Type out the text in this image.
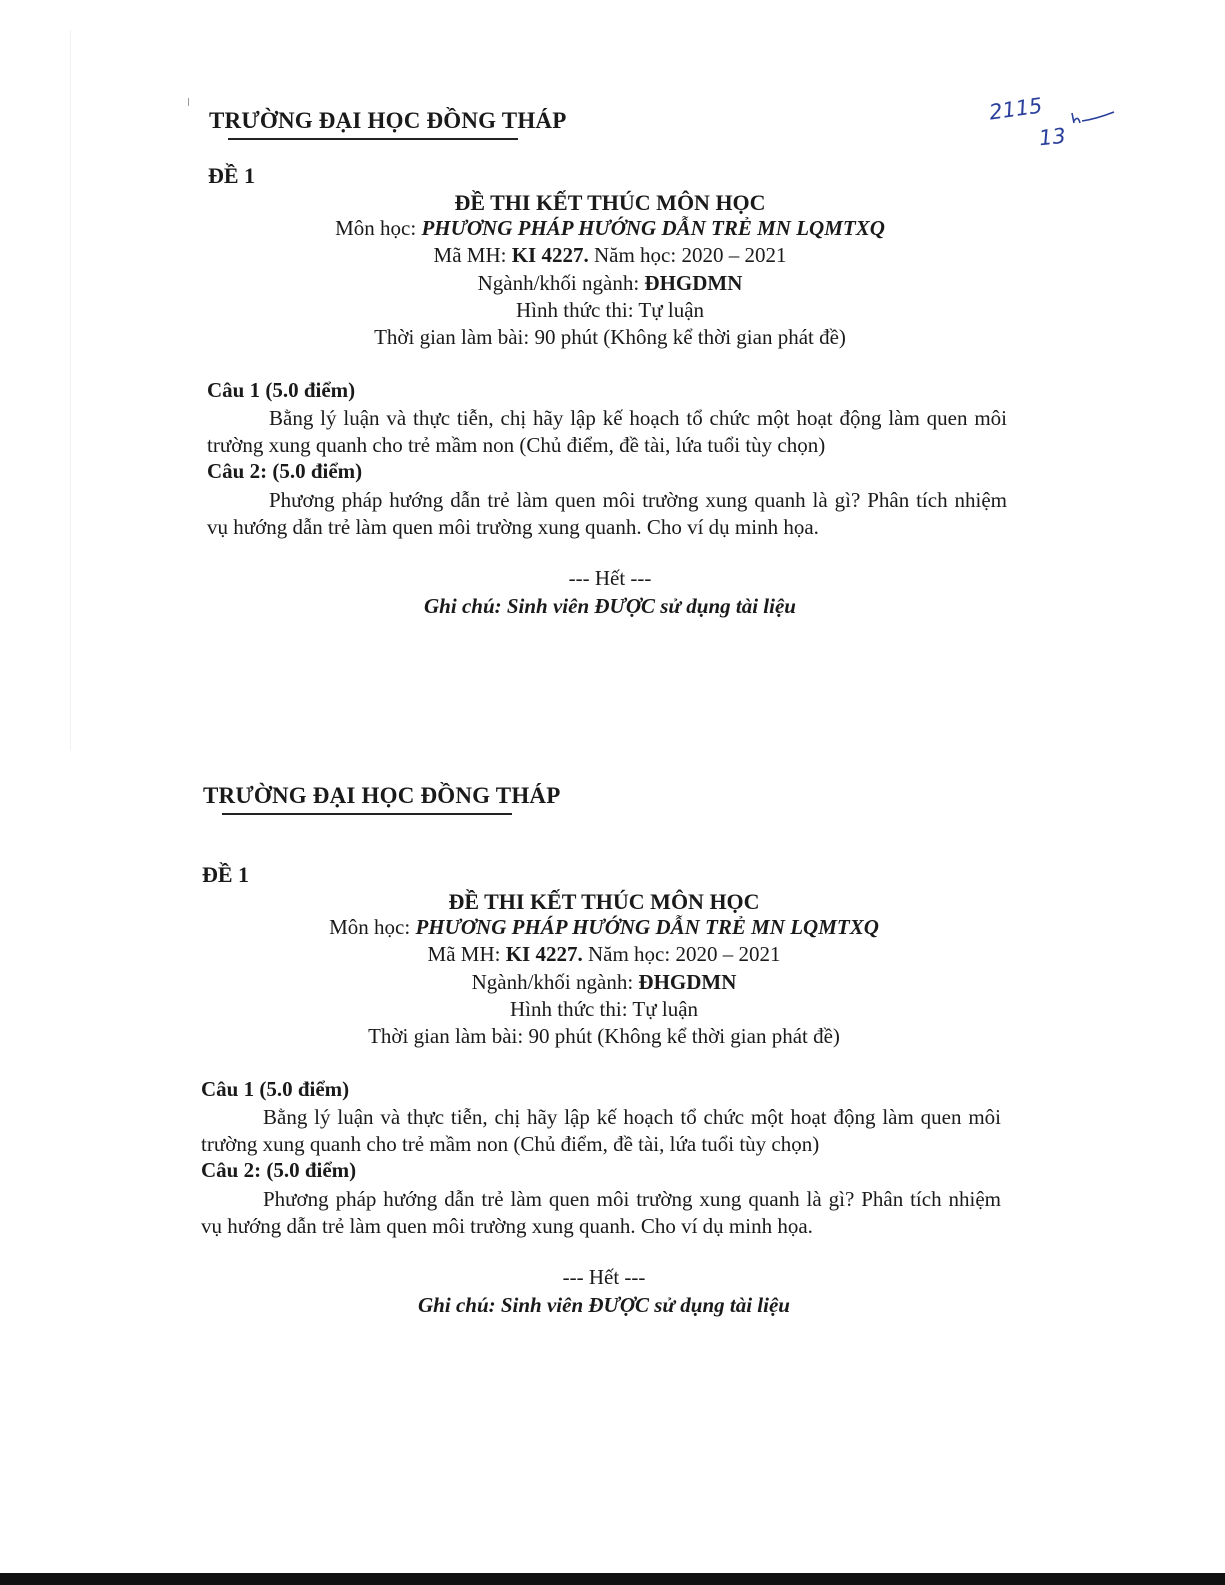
2115
13
TRƯỜNG ĐẠI HỌC ĐỒNG THÁP
ĐỀ 1
ĐỀ THI KẾT THÚC MÔN HỌC
Môn học: PHƯƠNG PHÁP HƯỚNG DẪN TRẺ MN LQMTXQ
Mã MH: KI 4227. Năm học: 2020 – 2021
Ngành/khối ngành: ĐHGDMN
Hình thức thi: Tự luận
Thời gian làm bài: 90 phút (Không kể thời gian phát đề)
Câu 1 (5.0 điểm)

Bằng lý luận và thực tiễn, chị hãy lập kế hoạch tổ chức một hoạt động làm quen môi trường xung quanh cho trẻ mầm non (Chủ điểm, đề tài, lứa tuổi tùy chọn)

Câu 2: (5.0 điểm)

Phương pháp hướng dẫn trẻ làm quen môi trường xung quanh là gì? Phân tích nhiệm vụ hướng dẫn trẻ làm quen môi trường xung quanh. Cho ví dụ minh họa.

--- Hết ---
Ghi chú: Sinh viên ĐƯỢC sử dụng tài liệu
TRƯỜNG ĐẠI HỌC ĐỒNG THÁP
ĐỀ 1
ĐỀ THI KẾT THÚC MÔN HỌC
Môn học: PHƯƠNG PHÁP HƯỚNG DẪN TRẺ MN LQMTXQ
Mã MH: KI 4227. Năm học: 2020 – 2021
Ngành/khối ngành: ĐHGDMN
Hình thức thi: Tự luận
Thời gian làm bài: 90 phút (Không kể thời gian phát đề)
Câu 1 (5.0 điểm)

Bằng lý luận và thực tiễn, chị hãy lập kế hoạch tổ chức một hoạt động làm quen môi trường xung quanh cho trẻ mầm non (Chủ điểm, đề tài, lứa tuổi tùy chọn)

Câu 2: (5.0 điểm)

Phương pháp hướng dẫn trẻ làm quen môi trường xung quanh là gì? Phân tích nhiệm vụ hướng dẫn trẻ làm quen môi trường xung quanh. Cho ví dụ minh họa.

--- Hết ---
Ghi chú: Sinh viên ĐƯỢC sử dụng tài liệu
